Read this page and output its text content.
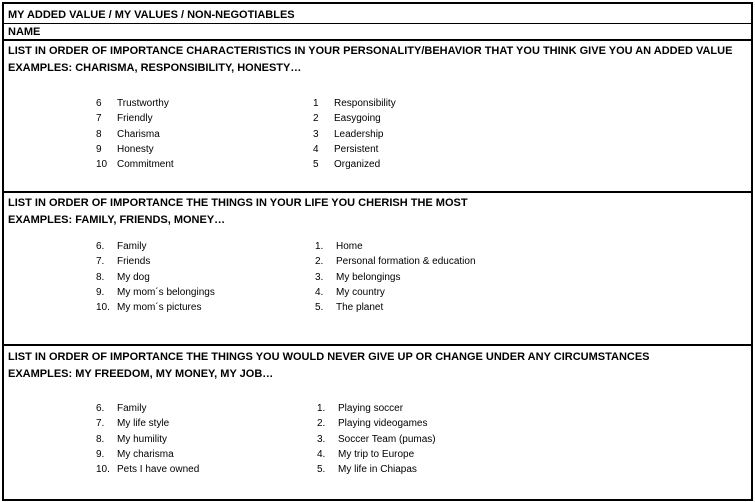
MY ADDED VALUE / MY VALUES / NON-NEGOTIABLES
NAME
LIST IN ORDER OF IMPORTANCE CHARACTERISTICS IN YOUR PERSONALITY/BEHAVIOR THAT YOU THINK GIVE YOU AN ADDED VALUE
EXAMPLES: CHARISMA, RESPONSIBILITY, HONESTY…
6 Trustworthy
7 Friendly
8 Charisma
9 Honesty
10 Commitment
1 Responsibility
2 Easygoing
3 Leadership
4 Persistent
5 Organized
LIST IN ORDER OF IMPORTANCE THE THINGS IN YOUR LIFE YOU CHERISH THE MOST
EXAMPLES: FAMILY, FRIENDS, MONEY…
6. Family
7. Friends
8. My dog
9. My mom´s belongings
10. My mom´s pictures
1. Home
2. Personal formation & education
3. My belongings
4. My country
5. The planet
LIST IN ORDER OF IMPORTANCE THE THINGS YOU WOULD NEVER GIVE UP OR CHANGE UNDER ANY CIRCUMSTANCES
EXAMPLES: MY FREEDOM, MY MONEY, MY JOB…
6. Family
7. My life style
8. My humility
9. My charisma
10. Pets I have owned
1. Playing soccer
2. Playing videogames
3. Soccer Team (pumas)
4. My trip to Europe
5. My life in Chiapas
